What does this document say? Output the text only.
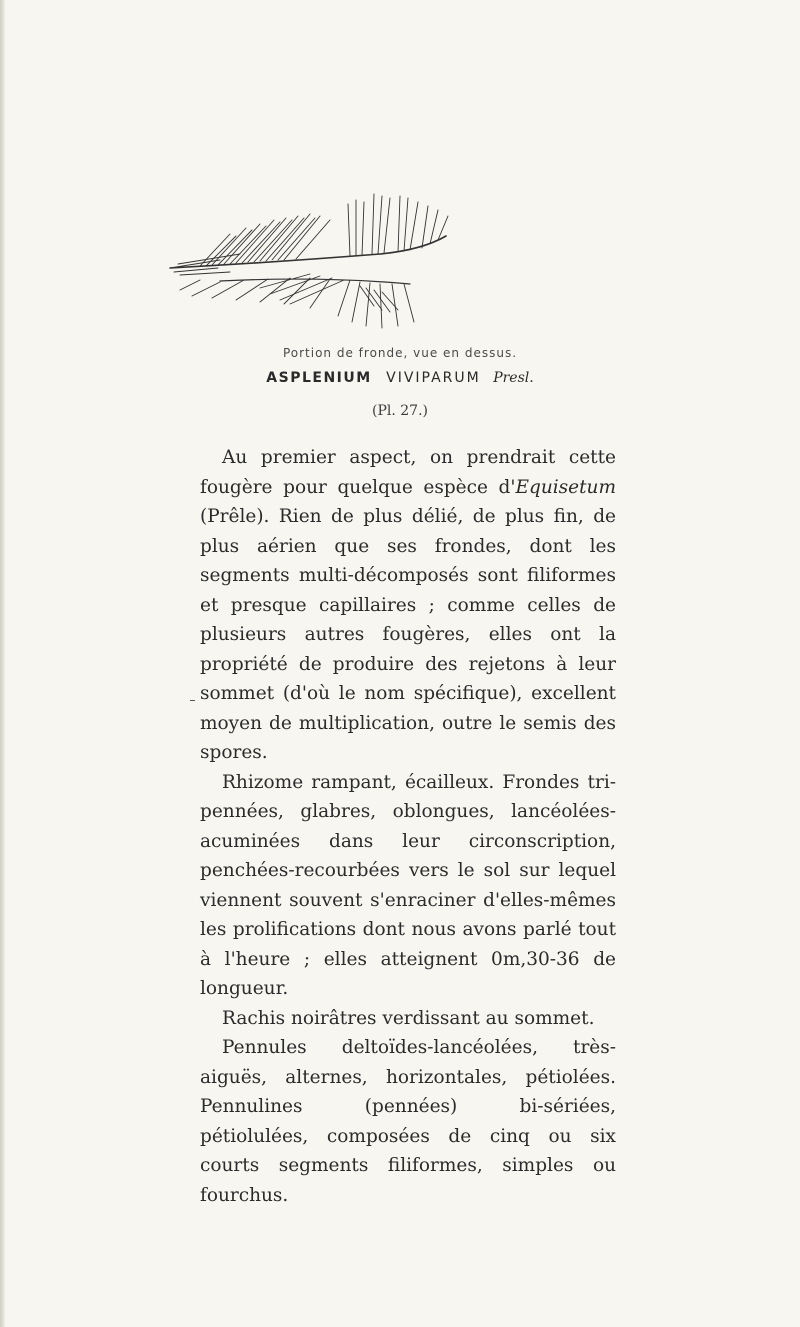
Portion de fronde, vue en dessus.
ASPLENIUM VIVIPARUM Presl.
(Pl. 27.)

Au premier aspect, on prendrait cette fougère pour quelque espèce d'Equisetum (Prêle). Rien de plus délié, de plus fin, de plus aérien que ses frondes, dont les segments multi-décomposés sont filiformes et presque capillaires ; comme celles de plusieurs autres fougères, elles ont la propriété de produire des rejetons à leur sommet (d'où le nom spécifique), excellent moyen de multiplication, outre le semis des spores.

Rhizome rampant, écailleux. Frondes tri-pennées, glabres, oblongues, lancéolées-acuminées dans leur circonscription, penchées-recourbées vers le sol sur lequel viennent souvent s'enraciner d'elles-mêmes les prolifications dont nous avons parlé tout à l'heure ; elles atteignent 0m,30-36 de longueur.

Rachis noirâtres verdissant au sommet.

Pennules deltoïdes-lancéolées, très-aiguës, alternes, horizontales, pétiolées. Pennulines (pennées) bi-sériées, pétiolulées, composées de cinq ou six courts segments filiformes, simples ou fourchus.
